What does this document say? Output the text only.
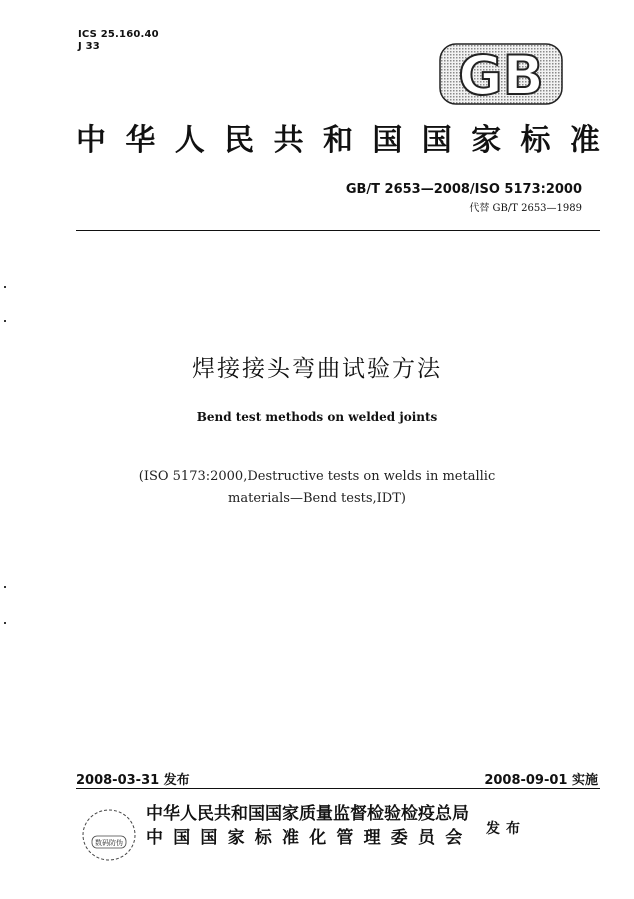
ICS 25.160.40
J 33	GB
中 华 人 民 共 和 国 国 家 标 准
GB/T 2653—2008/ISO 5173:2000
代替 GB/T 2653—1989
焊接接头弯曲试验方法
Bend test methods on welded joints
(ISO 5173:2000,Destructive tests on welds in metallic
materials—Bend tests,IDT)
2008-03-31 发布	2008-09-01 实施
数码防伪
中华人民共和国国家质量监督检验检疫总局
中国国家标准化管理委员会 发布
